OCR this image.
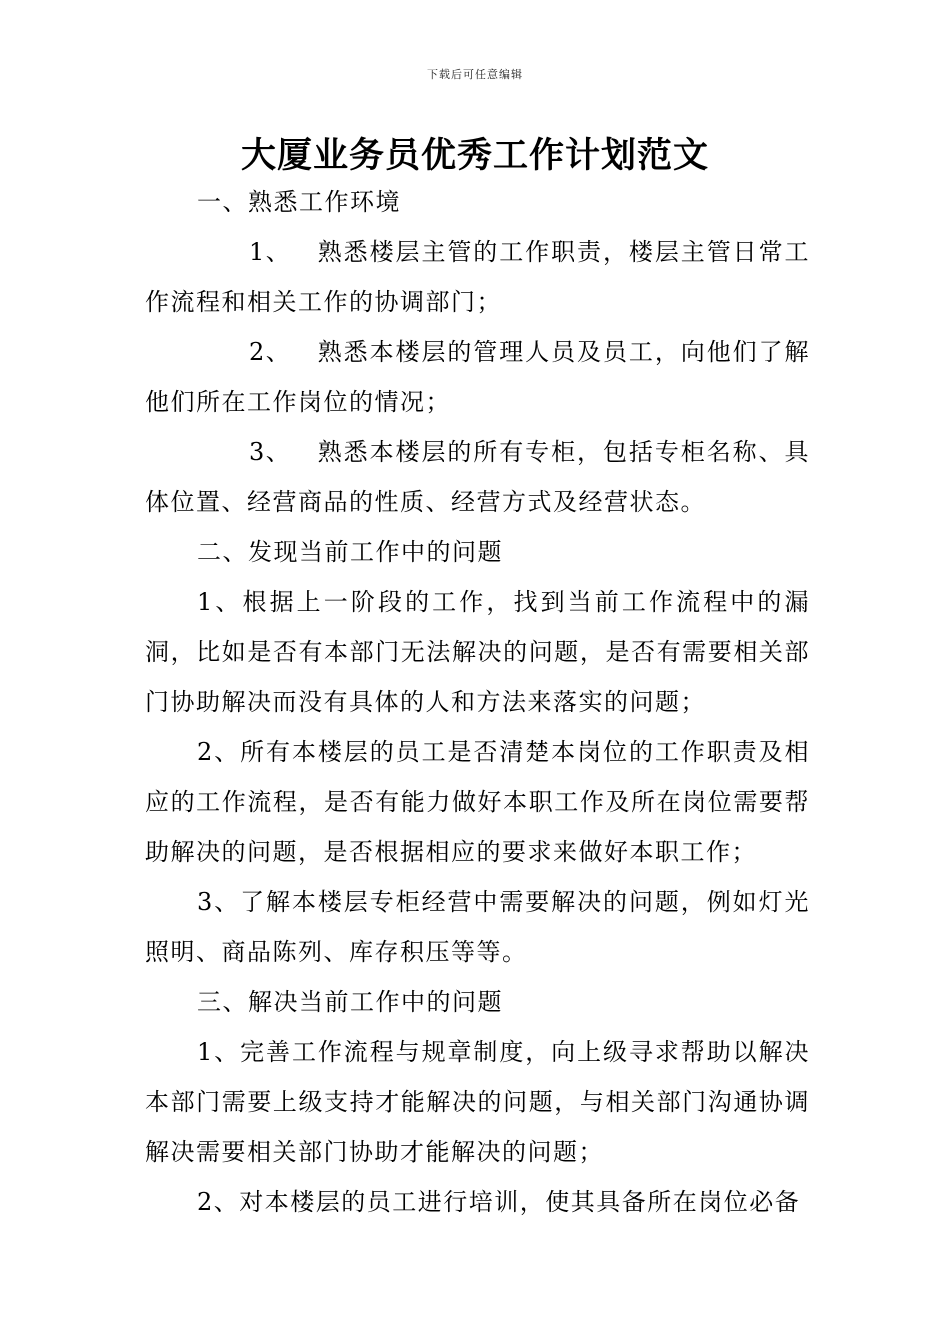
下载后可任意编辑
大厦业务员优秀工作计划范文

一、熟悉工作环境

1、 熟悉楼层主管的工作职责，楼层主管日常工作流程和相关工作的协调部门；

2、 熟悉本楼层的管理人员及员工，向他们了解他们所在工作岗位的情况；

3、 熟悉本楼层的所有专柜，包括专柜名称、具体位置、经营商品的性质、经营方式及经营状态。

二、发现当前工作中的问题

1、根据上一阶段的工作，找到当前工作流程中的漏洞，比如是否有本部门无法解决的问题，是否有需要相关部门协助解决而没有具体的人和方法来落实的问题；

2、所有本楼层的员工是否清楚本岗位的工作职责及相应的工作流程，是否有能力做好本职工作及所在岗位需要帮助解决的问题，是否根据相应的要求来做好本职工作；

3、了解本楼层专柜经营中需要解决的问题，例如灯光照明、商品陈列、库存积压等等。

三、解决当前工作中的问题

1、完善工作流程与规章制度，向上级寻求帮助以解决本部门需要上级支持才能解决的问题，与相关部门沟通协调解决需要相关部门协助才能解决的问题；

2、对本楼层的员工进行培训，使其具备所在岗位必备
